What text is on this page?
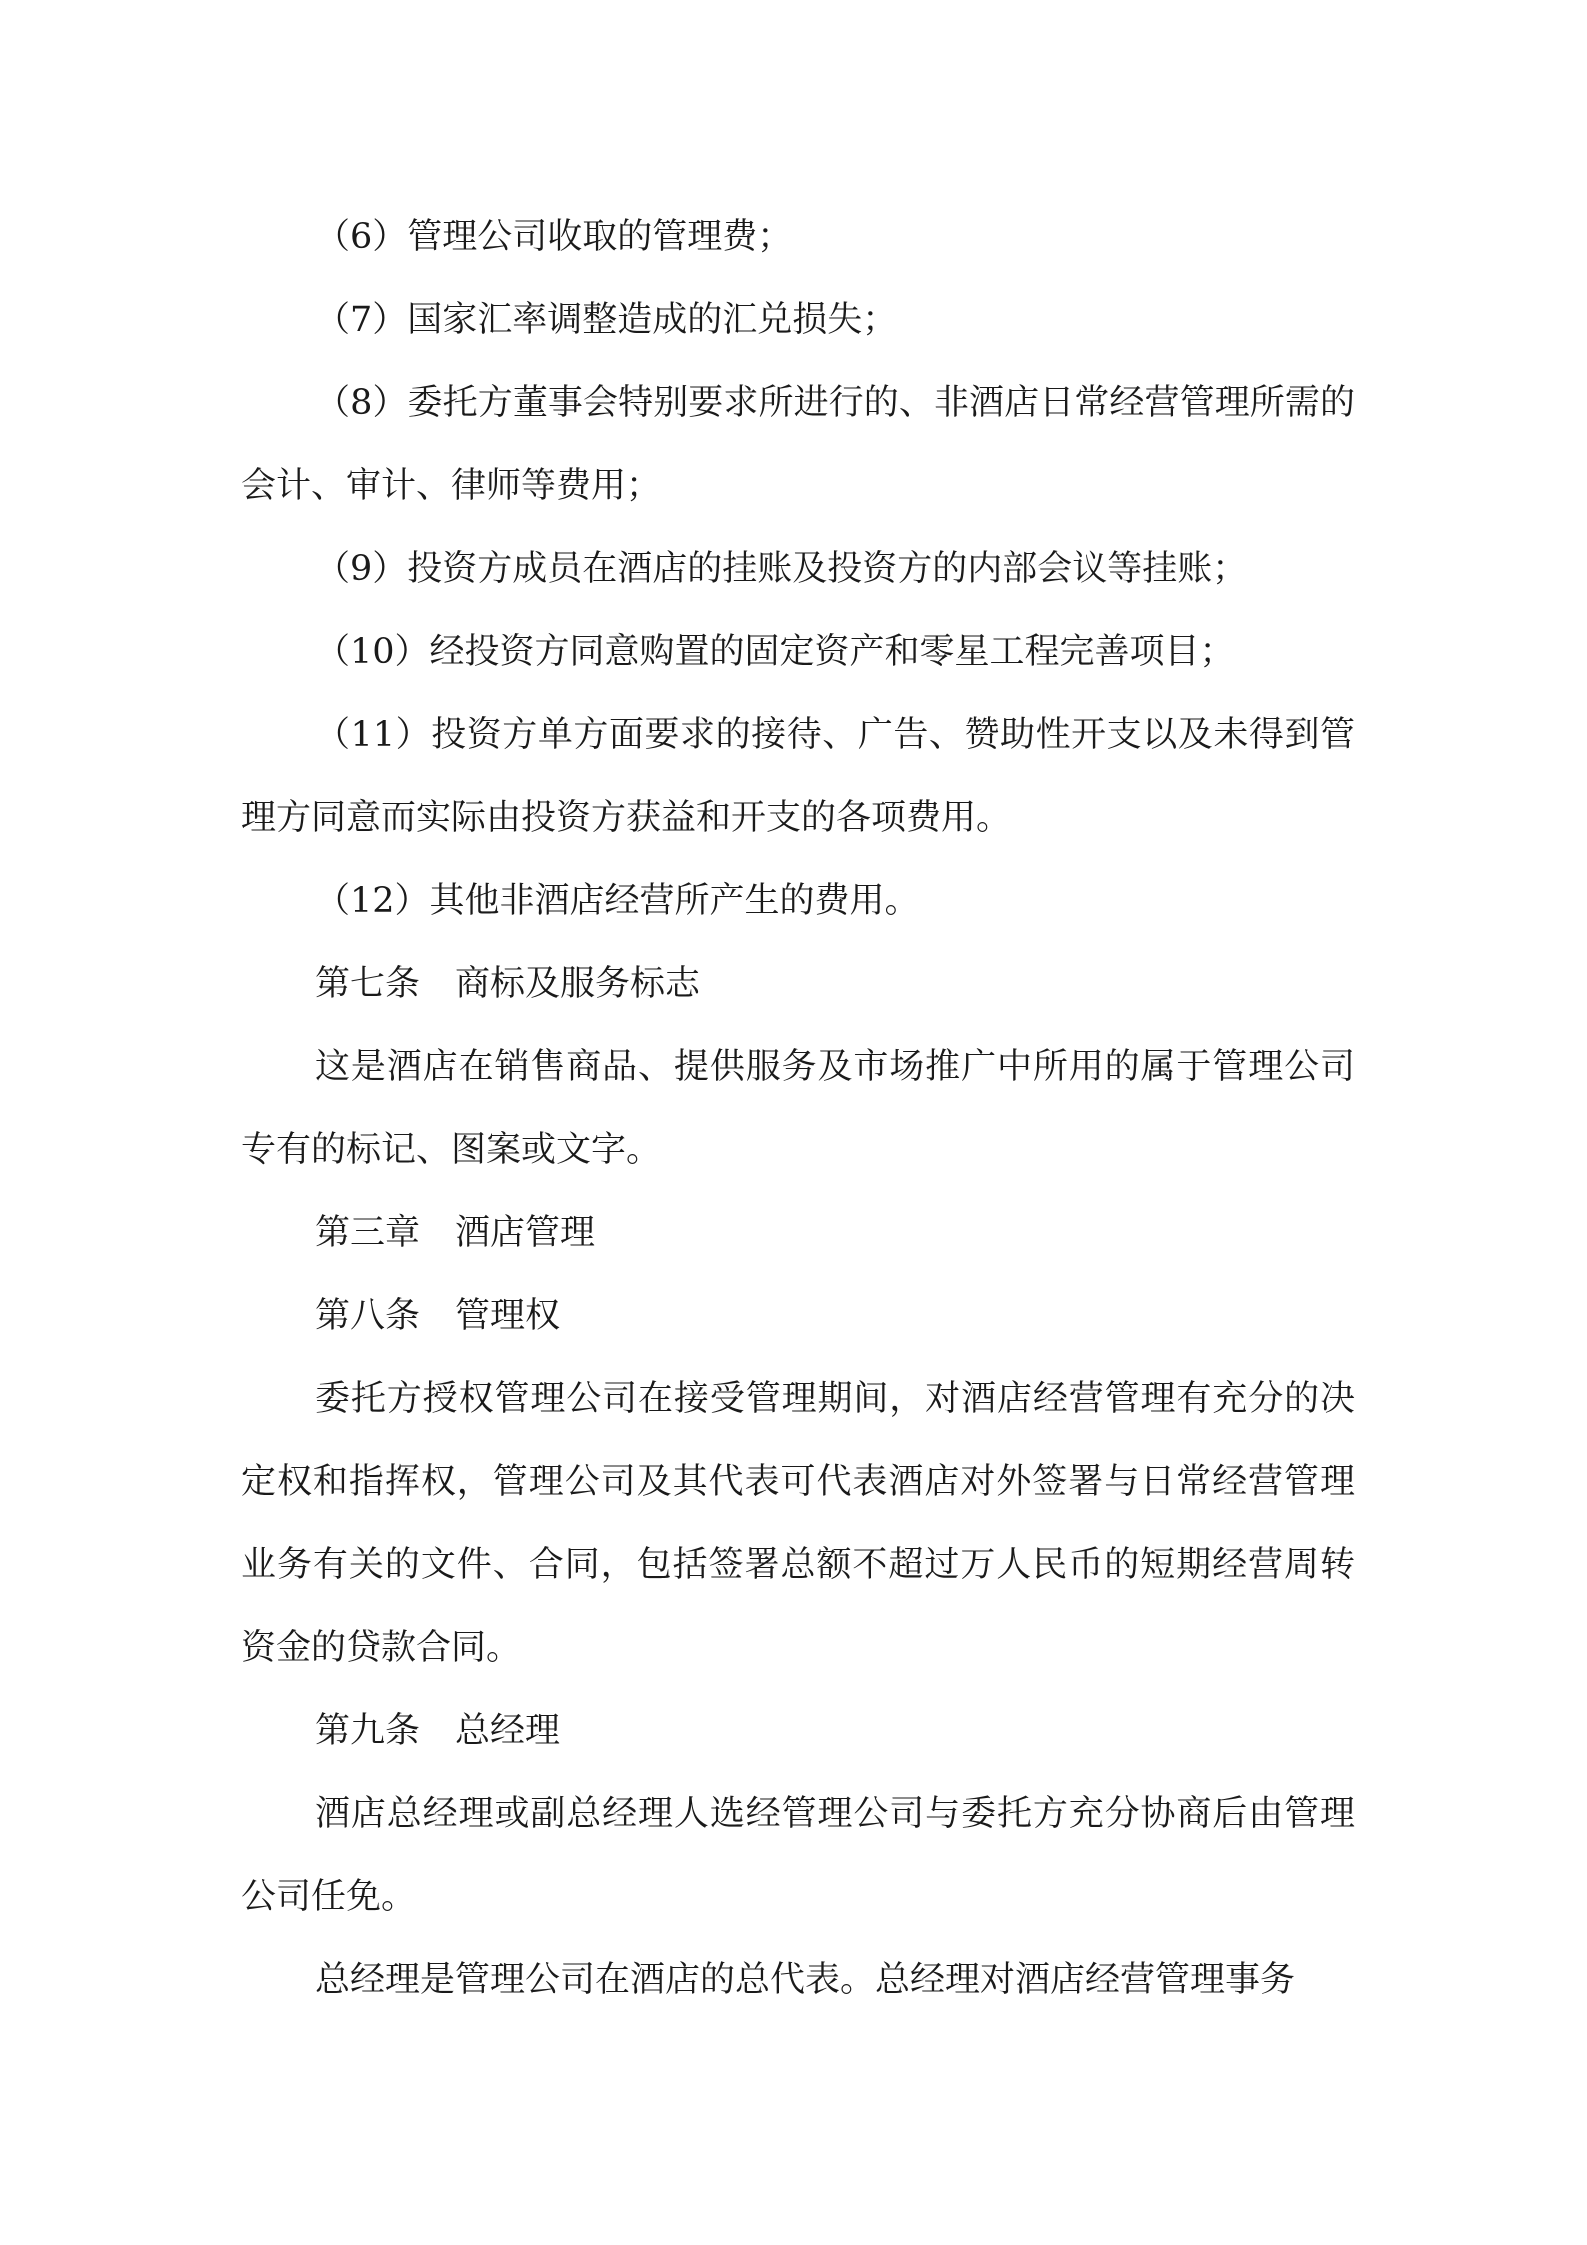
（6）管理公司收取的管理费；

（7）国家汇率调整造成的汇兑损失；

（8）委托方董事会特别要求所进行的、非酒店日常经营管理所需的会计、审计、律师等费用；

（9）投资方成员在酒店的挂账及投资方的内部会议等挂账；

（10）经投资方同意购置的固定资产和零星工程完善项目；

（11）投资方单方面要求的接待、广告、赞助性开支以及未得到管理方同意而实际由投资方获益和开支的各项费用。

（12）其他非酒店经营所产生的费用。

第七条　商标及服务标志

这是酒店在销售商品、提供服务及市场推广中所用的属于管理公司专有的标记、图案或文字。

第三章　酒店管理

第八条　管理权

委托方授权管理公司在接受管理期间，对酒店经营管理有充分的决定权和指挥权，管理公司及其代表可代表酒店对外签署与日常经营管理业务有关的文件、合同，包括签署总额不超过万人民币的短期经营周转资金的贷款合同。

第九条　总经理

酒店总经理或副总经理人选经管理公司与委托方充分协商后由管理公司任免。

总经理是管理公司在酒店的总代表。总经理对酒店经营管理事务
